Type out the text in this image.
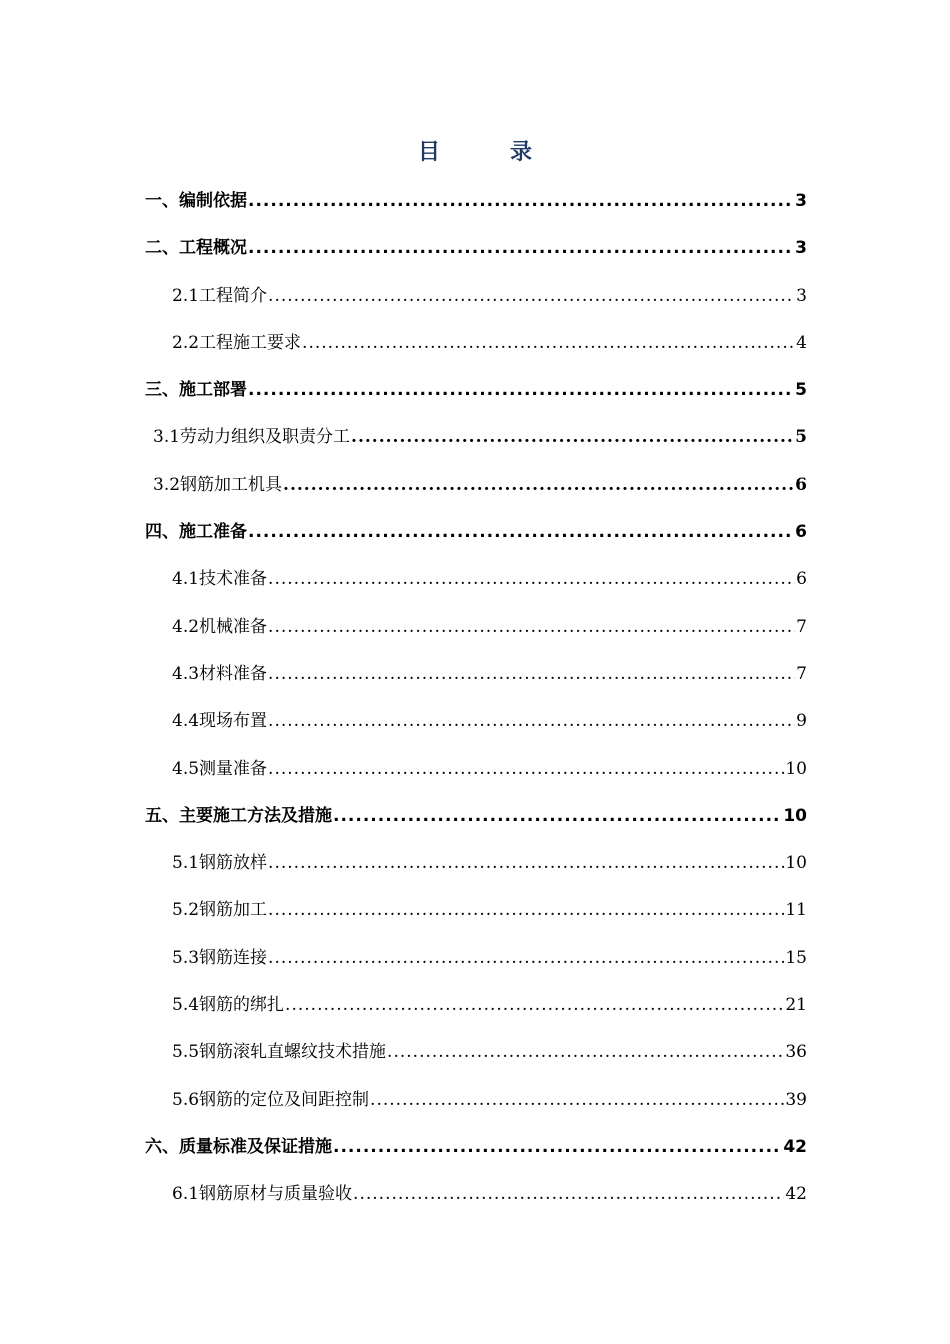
目	录
一、编制依据 .....	3
二、工程概况 .....	3
2.1工程简介 .....	3
2.2工程施工要求 .....	4
三、施工部署 .....	5
3.1劳动力组织及职责分工 .....	5
3.2钢筋加工机具 .....	6
四、施工准备 .....	6
4.1技术准备 .....	6
4.2机械准备 .....	7
4.3材料准备 .....	7
4.4现场布置 .....	9
4.5测量准备 .....	10
五、主要施工方法及措施 .....	10
5.1钢筋放样 .....	10
5.2钢筋加工 .....	11
5.3钢筋连接 .....	15
5.4钢筋的绑扎 .....	21
5.5钢筋滚轧直螺纹技术措施 .....	36
5.6钢筋的定位及间距控制 .....	39
六、质量标准及保证措施 .....	42
6.1钢筋原材与质量验收 .....	42
